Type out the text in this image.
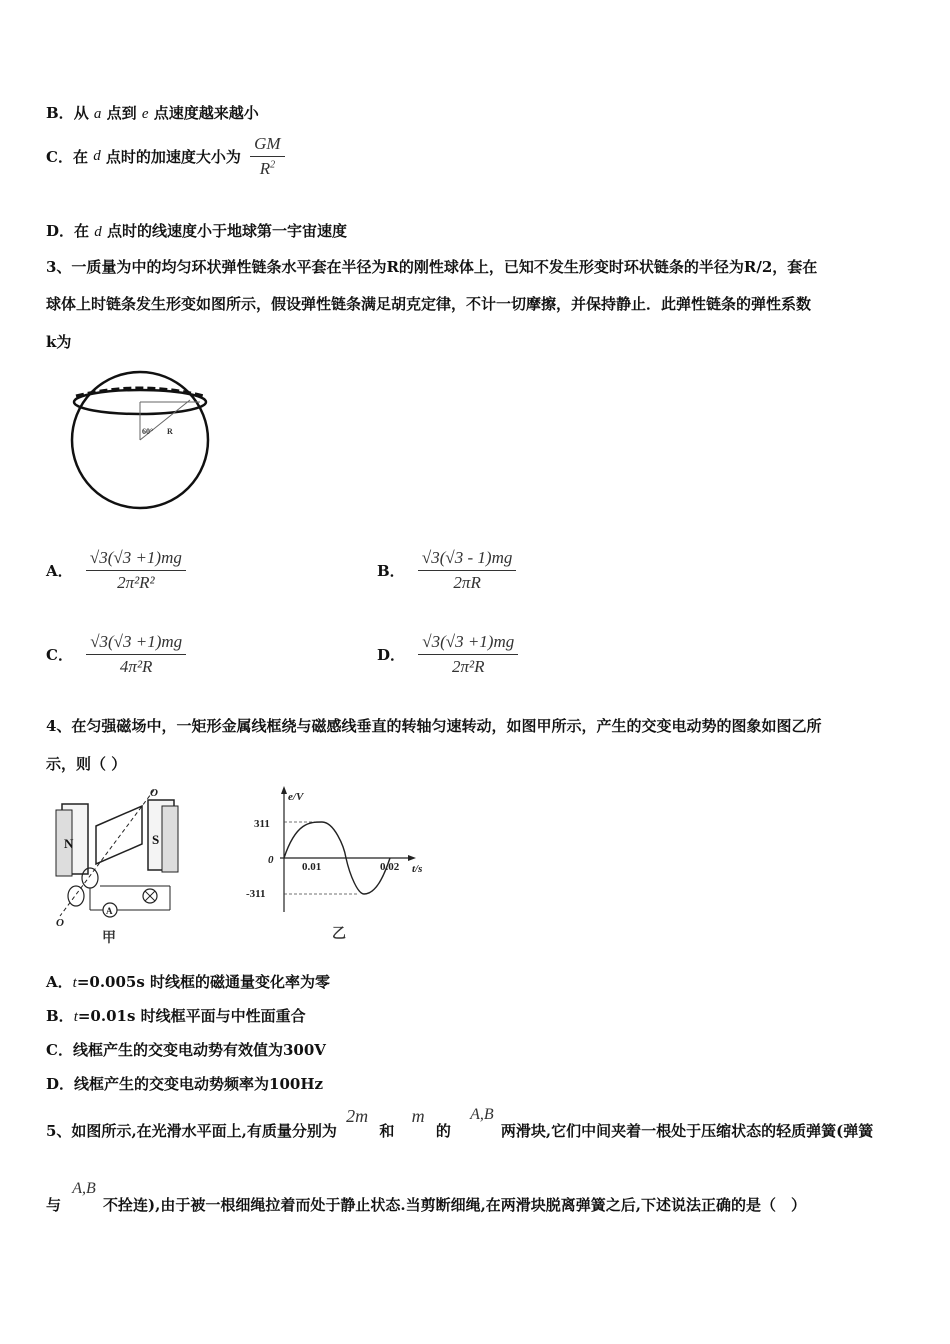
B．从 a 点到 e 点速度越来越小
C．在 d 点时的加速度大小为 $\frac{GM}{R^2}$
D．在 d 点时的线速度小于地球第一宇宙速度
3、一质量为中的均匀环状弹性链条水平套在半径为R的刚性球体上，已知不发生形变时环状链条的半径为R/2，套在
球体上时链条发生形变如图所示，假设弹性链条满足胡克定律，不计一切摩擦，并保持静止．此弹性链条的弹性系数
k为
60° R
A． $\frac{√3(√3 +1)mg}{\text{2π²R²}}$	B． $\frac{√3(√3 - 1)mg}{2\pi R}$
C． $\frac{√3(√3 +1)mg}{\text{4π²R}}$	D． $\frac{√3(√3 +1)mg}{\text{2π²R}}$
4、在匀强磁场中，一矩形金属线框绕与磁感线垂直的转轴匀速转动，如图甲所示，产生的交变电动势的图象如图乙所
示，则（ ）
N	S
O
O
A
甲
e/V
t/s
311
-311
0
0.01	0.02
乙
A．t=0.005s 时线框的磁通量变化率为零
B．t=0.01s 时线框平面与中性面重合
C．线框产生的交变电动势有效值为300V
D．线框产生的交变电动势频率为100Hz
5、如图所示,在光滑水平面上,有质量分别为 2m 和 m 的 A,B 两滑块,它们中间夹着一根处于压缩状态的轻质弹簧(弹簧
与 A,B 不拴连),由于被一根细绳拉着而处于静止状态.当剪断细绳,在两滑块脱离弹簧之后,下述说法正确的是（　）
